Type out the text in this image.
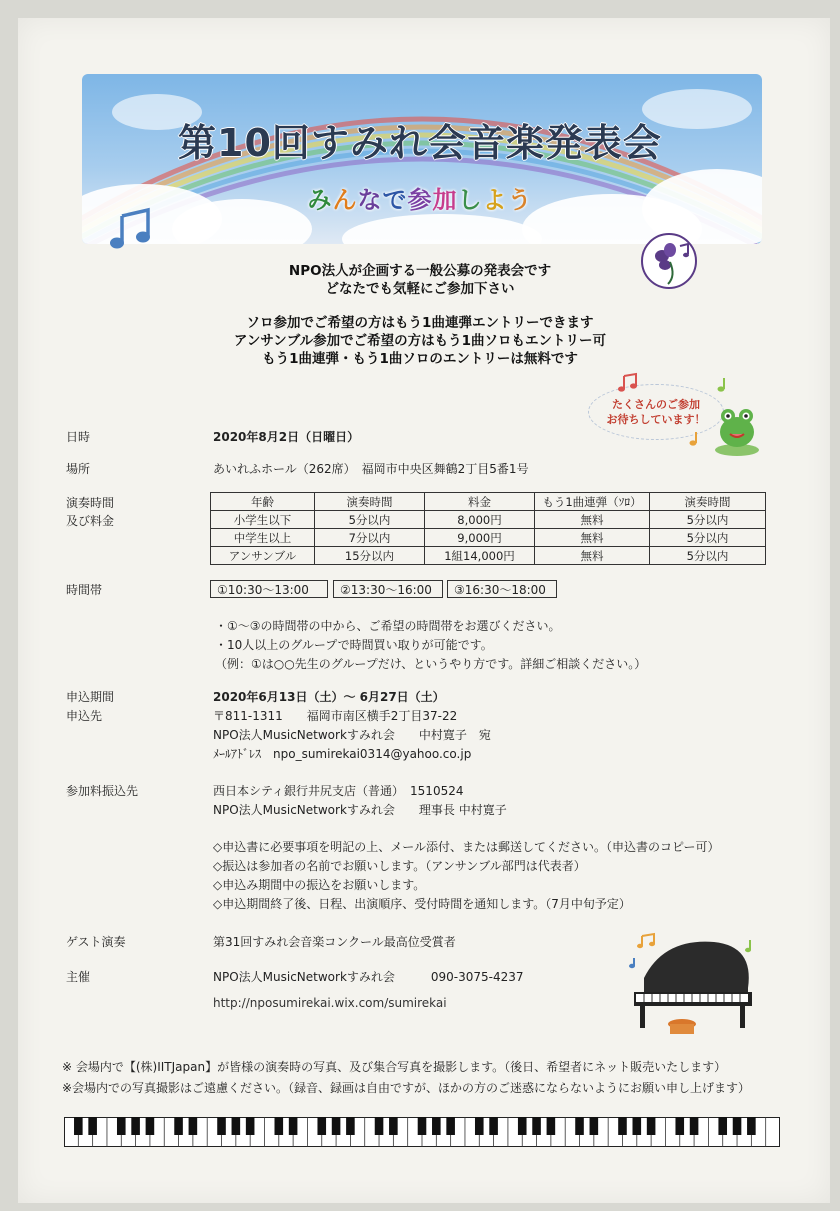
第10回すみれ会音楽発表会
みんなで参加しよう
NPO法人が企画する一般公募の発表会です
どなたでも気軽にご参加下さい
ソロ参加でご希望の方はもう1曲連弾エントリーできます
アンサンブル参加でご希望の方はもう1曲ソロもエントリー可
もう1曲連弾・もう1曲ソロのエントリーは無料です
たくさんのご参加
お待ちしています！
日時	2020年8月2日（日曜日）
場所	あいれふホール（262席）　福岡市中央区舞鶴2丁目5番1号
演奏時間
及び料金
年齢	演奏時間	料金	もう1曲連弾（ｿﾛ）	演奏時間
小学生以下	5分以内	8,000円	無料	5分以内
中学生以上	7分以内	9,000円	無料	5分以内
アンサンブル	15分以内	1組14,000円	無料	5分以内
時間帯	①10:30～13:00	②13:30～16:00	③16:30～18:00
・①～③の時間帯の中から、ご希望の時間帯をお選びください。
・10人以上のグループで時間買い取りが可能です。
（例：①は○○先生のグループだけ、というやり方です。詳細ご相談ください。）
申込期間	2020年6月13日（土）～ 6月27日（土）
申込先	〒811-1311　　福岡市南区横手2丁目37-22
NPO法人MusicNetworkすみれ会　　中村寛子　宛
ﾒｰﾙｱﾄﾞﾚｽ　npo_sumirekai0314@yahoo.co.jp
参加料振込先	西日本シティ銀行井尻支店（普通）　1510524
NPO法人MusicNetworkすみれ会　　理事長 中村寛子
◇申込書に必要事項を明記の上、メール添付、または郵送してください。（申込書のコピー可）
◇振込は参加者の名前でお願いします。（アンサンブル部門は代表者）
◇申込み期間中の振込をお願いします。
◇申込期間終了後、日程、出演順序、受付時間を通知します。（7月中旬予定）
ゲスト演奏	第31回すみれ会音楽コンクール最高位受賞者
主催	NPO法人MusicNetworkすみれ会　　　090-3075-4237
http://nposumirekai.wix.com/sumirekai
※ 会場内で【(株)IITJapan】が皆様の演奏時の写真、及び集合写真を撮影します。（後日、希望者にネット販売いたします）
※会場内での写真撮影はご遠慮ください。（録音、録画は自由ですが、ほかの方のご迷惑にならないようにお願い申し上げます）
